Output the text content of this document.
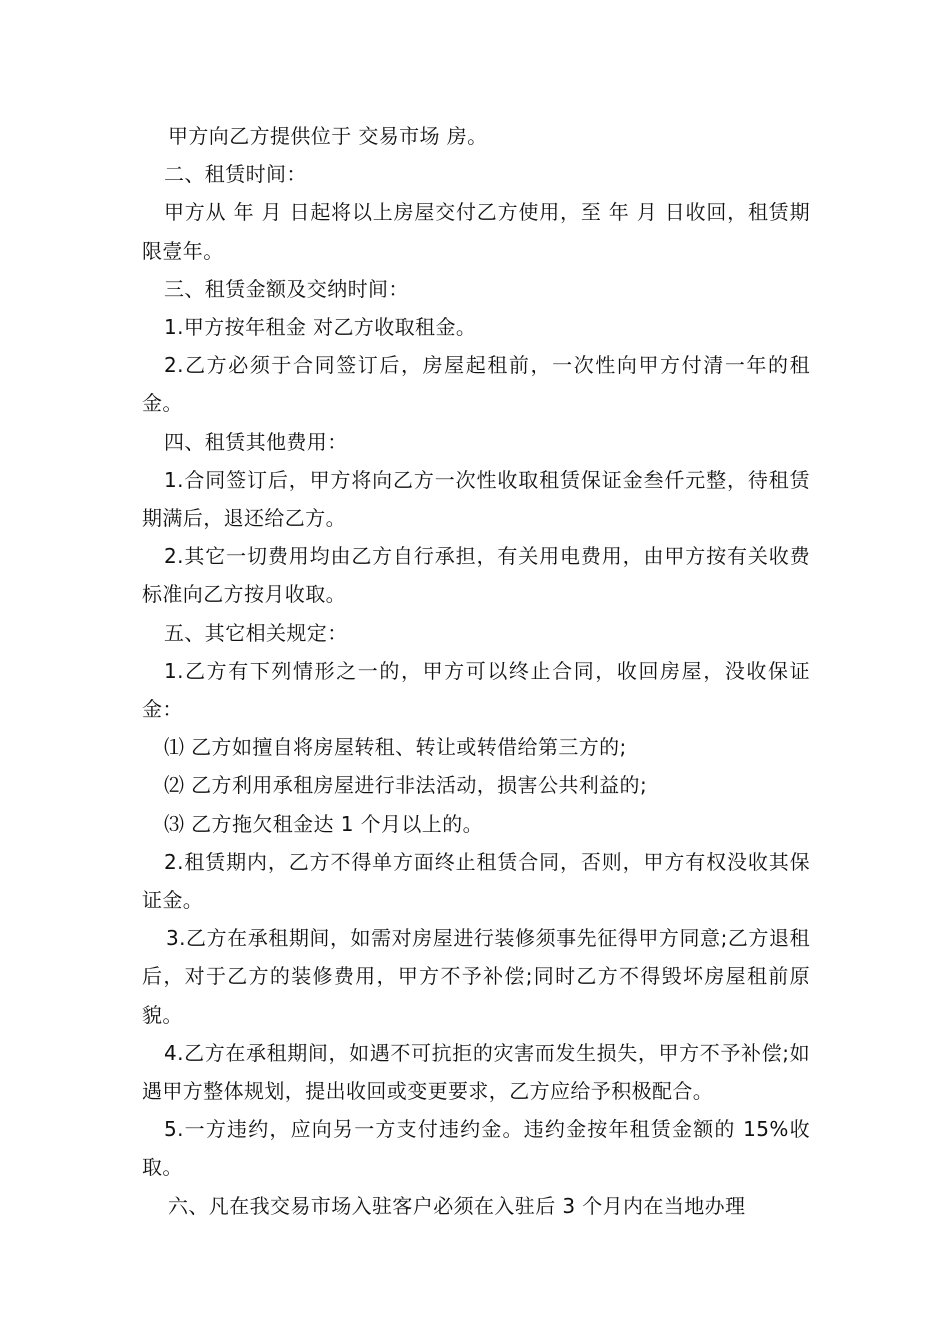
甲方向乙方提供位于 交易市场 房。

二、租赁时间：

甲方从 年 月 日起将以上房屋交付乙方使用，至 年 月 日收回，租赁期限壹年。

三、租赁金额及交纳时间：

1.甲方按年租金 对乙方收取租金。

2.乙方必须于合同签订后，房屋起租前，一次性向甲方付清一年的租金。

四、租赁其他费用：

1.合同签订后，甲方将向乙方一次性收取租赁保证金叁仟元整，待租赁期满后，退还给乙方。

2.其它一切费用均由乙方自行承担，有关用电费用，由甲方按有关收费标准向乙方按月收取。

五、其它相关规定：

1.乙方有下列情形之一的，甲方可以终止合同，收回房屋，没收保证金：

⑴ 乙方如擅自将房屋转租、转让或转借给第三方的;

⑵ 乙方利用承租房屋进行非法活动，损害公共利益的;

⑶ 乙方拖欠租金达 1 个月以上的。

2.租赁期内，乙方不得单方面终止租赁合同，否则，甲方有权没收其保证金。

3.乙方在承租期间，如需对房屋进行装修须事先征得甲方同意;乙方退租后，对于乙方的装修费用，甲方不予补偿;同时乙方不得毁坏房屋租前原貌。

4.乙方在承租期间，如遇不可抗拒的灾害而发生损失，甲方不予补偿;如遇甲方整体规划，提出收回或变更要求，乙方应给予积极配合。

5.一方违约，应向另一方支付违约金。违约金按年租赁金额的 15%收取。

六、凡在我交易市场入驻客户必须在入驻后 3 个月内在当地办理
